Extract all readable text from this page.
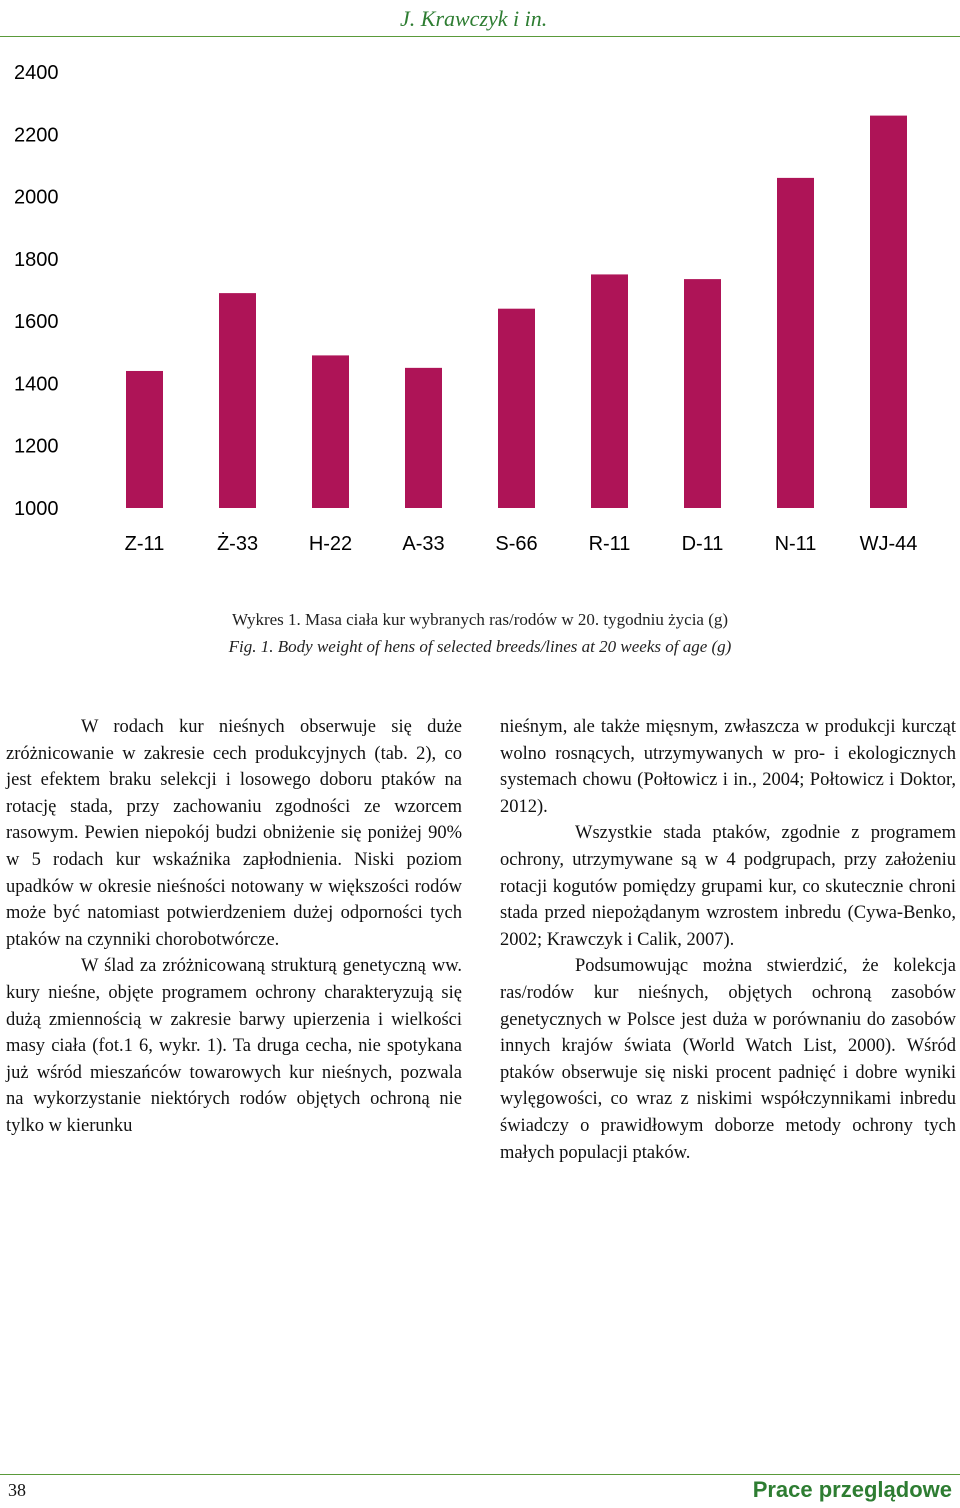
J. Krawczyk i in.
1000
1200
1400
1600
1800
2000
2200
2400
Z-11	Ż-33	H-22	A-33	S-66	R-11	D-11	N-11 WJ-44
Wykres 1. Masa ciała kur wybranych ras/rodów w 20. tygodniu życia (g)
Fig. 1. Body weight of hens of selected breeds/lines at 20 weeks of age (g)

W rodach kur nieśnych obserwuje się duże zróżnicowanie w zakresie cech produkcyjnych (tab. 2), co jest efektem braku selekcji i losowego doboru ptaków na rotację stada, przy zachowaniu zgodności ze wzorcem rasowym. Pewien niepokój budzi obniżenie się poniżej 90% w 5 rodach kur wskaźnika zapłodnienia. Niski poziom upadków w okresie nieśności notowany w większości rodów może być natomiast potwierdzeniem dużej odporności tych ptaków na czynniki chorobotwórcze.

W ślad za zróżnicowaną strukturą genetyczną ww. kury nieśne, objęte programem ochrony charakteryzują się dużą zmiennością w zakresie barwy upierzenia i wielkości masy ciała (fot.1 6, wykr. 1). Ta druga cecha, nie spotykana już wśród mieszańców towarowych kur nieśnych, pozwala na wykorzystanie niektórych rodów objętych ochroną nie tylko w kierunku

nieśnym, ale także mięsnym, zwłaszcza w produkcji kurcząt wolno rosnących, utrzymywanych w pro- i ekologicznych systemach chowu (Połtowicz i in., 2004; Połtowicz i Doktor, 2012).

Wszystkie stada ptaków, zgodnie z programem ochrony, utrzymywane są w 4 podgrupach, przy założeniu rotacji kogutów pomiędzy grupami kur, co skutecznie chroni stada przed niepożądanym wzrostem inbredu (Cywa-Benko, 2002; Krawczyk i Calik, 2007).

Podsumowując można stwierdzić, że kolekcja ras/rodów kur nieśnych, objętych ochroną zasobów genetycznych w Polsce jest duża w porównaniu do zasobów innych krajów świata (World Watch List, 2000). Wśród ptaków obserwuje się niski procent padnięć i dobre wyniki wylęgowości, co wraz z niskimi współczynnikami inbredu świadczy o prawidłowym doborze metody ochrony tych małych populacji ptaków.

38	Prace przeglądowe
